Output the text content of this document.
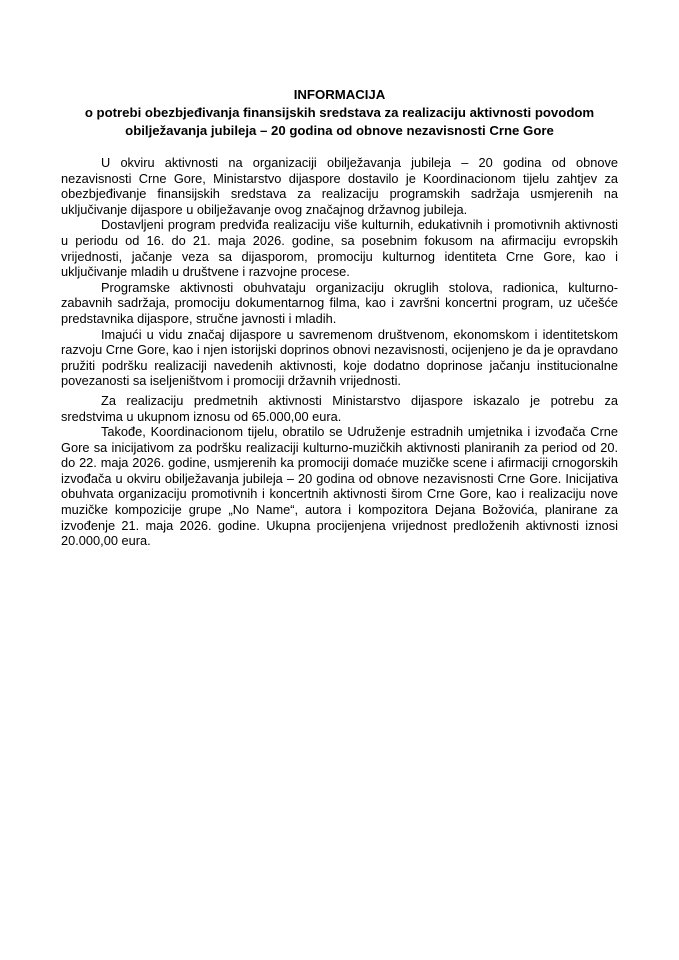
INFORMACIJA
o potrebi obezbjeđivanja finansijskih sredstava za realizaciju aktivnosti povodom
obilježavanja jubileja – 20 godina od obnove nezavisnosti Crne Gore

U okviru aktivnosti na organizaciji obilježavanja jubileja – 20 godina od obnove nezavisnosti Crne Gore, Ministarstvo dijaspore dostavilo je Koordinacionom tijelu zahtjev za obezbjeđivanje finansijskih sredstava za realizaciju programskih sadržaja usmjerenih na uključivanje dijaspore u obilježavanje ovog značajnog državnog jubileja.

Dostavljeni program predviđa realizaciju više kulturnih, edukativnih i promotivnih aktivnosti u periodu od 16. do 21. maja 2026. godine, sa posebnim fokusom na afirmaciju evropskih vrijednosti, jačanje veza sa dijasporom, promociju kulturnog identiteta Crne Gore, kao i uključivanje mladih u društvene i razvojne procese.

Programske aktivnosti obuhvataju organizaciju okruglih stolova, radionica, kulturno-zabavnih sadržaja, promociju dokumentarnog filma, kao i završni koncertni program, uz učešće predstavnika dijaspore, stručne javnosti i mladih.

Imajući u vidu značaj dijaspore u savremenom društvenom, ekonomskom i identitetskom razvoju Crne Gore, kao i njen istorijski doprinos obnovi nezavisnosti, ocijenjeno je da je opravdano pružiti podršku realizaciji navedenih aktivnosti, koje dodatno doprinose jačanju institucionalne povezanosti sa iseljeništvom i promociji državnih vrijednosti.

Za realizaciju predmetnih aktivnosti Ministarstvo dijaspore iskazalo je potrebu za sredstvima u ukupnom iznosu od 65.000,00 eura.

Takođe, Koordinacionom tijelu, obratilo se Udruženje estradnih umjetnika i izvođača Crne Gore sa inicijativom za podršku realizaciji kulturno-muzičkih aktivnosti planiranih za period od 20. do 22. maja 2026. godine, usmjerenih ka promociji domaće muzičke scene i afirmaciji crnogorskih izvođača u okviru obilježavanja jubileja – 20 godina od obnove nezavisnosti Crne Gore. Inicijativa obuhvata organizaciju promotivnih i koncertnih aktivnosti širom Crne Gore, kao i realizaciju nove muzičke kompozicije grupe „No Name“, autora i kompozitora Dejana Božovića, planirane za izvođenje 21. maja 2026. godine. Ukupna procijenjena vrijednost predloženih aktivnosti iznosi 20.000,00 eura.
